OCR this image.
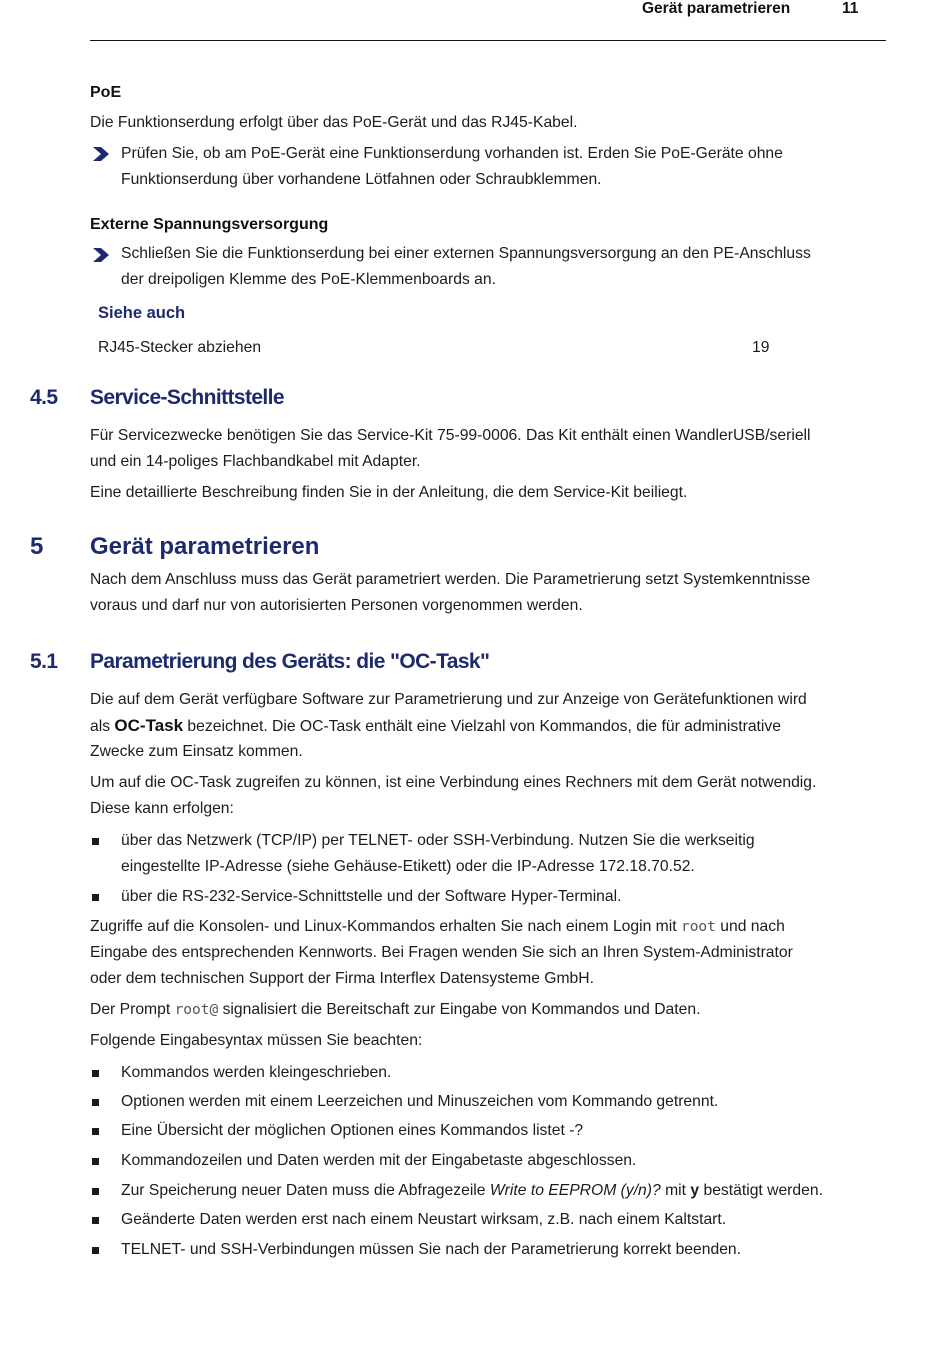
Gerät parametrieren	11
PoE
Die Funktionserdung erfolgt über das PoE-Gerät und das RJ45-Kabel.
Prüfen Sie, ob am PoE-Gerät eine Funktionserdung vorhanden ist. Erden Sie PoE-Geräte ohne
Funktionserdung über vorhandene Lötfahnen oder Schraubklemmen.
Externe Spannungsversorgung
Schließen Sie die Funktionserdung bei einer externen Spannungsversorgung an den PE-Anschluss
der dreipoligen Klemme des PoE-Klemmenboards an.
Siehe auch
RJ45-Stecker abziehen	19
4.5 Service-Schnittstelle
Für Servicezwecke benötigen Sie das Service-Kit 75-99-0006. Das Kit enthält einen WandlerUSB/seriell
und ein 14-poliges Flachbandkabel mit Adapter.
Eine detaillierte Beschreibung finden Sie in der Anleitung, die dem Service-Kit beiliegt.
5 Gerät parametrieren
Nach dem Anschluss muss das Gerät parametriert werden. Die Parametrierung setzt Systemkenntnisse
voraus und darf nur von autorisierten Personen vorgenommen werden.
5.1 Parametrierung des Geräts: die "OC-Task"
Die auf dem Gerät verfügbare Software zur Parametrierung und zur Anzeige von Gerätefunktionen wird
als OC-Task bezeichnet. Die OC-Task enthält eine Vielzahl von Kommandos, die für administrative
Zwecke zum Einsatz kommen.
Um auf die OC-Task zugreifen zu können, ist eine Verbindung eines Rechners mit dem Gerät notwendig.
Diese kann erfolgen:
über das Netzwerk (TCP/IP) per TELNET- oder SSH-Verbindung. Nutzen Sie die werkseitig
eingestellte IP-Adresse (siehe Gehäuse-Etikett) oder die IP-Adresse 172.18.70.52.
über die RS-232-Service-Schnittstelle und der Software Hyper-Terminal.
Zugriffe auf die Konsolen- und Linux-Kommandos erhalten Sie nach einem Login mit root und nach
Eingabe des entsprechenden Kennworts. Bei Fragen wenden Sie sich an Ihren System-Administrator
oder dem technischen Support der Firma Interflex Datensysteme GmbH.
Der Prompt root@ signalisiert die Bereitschaft zur Eingabe von Kommandos und Daten.
Folgende Eingabesyntax müssen Sie beachten:
Kommandos werden kleingeschrieben.
Optionen werden mit einem Leerzeichen und Minuszeichen vom Kommando getrennt.
Eine Übersicht der möglichen Optionen eines Kommandos listet -?
Kommandozeilen und Daten werden mit der Eingabetaste abgeschlossen.
Zur Speicherung neuer Daten muss die Abfragezeile Write to EEPROM (y/n)? mit y bestätigt werden.
Geänderte Daten werden erst nach einem Neustart wirksam, z.B. nach einem Kaltstart.
TELNET- und SSH-Verbindungen müssen Sie nach der Parametrierung korrekt beenden.
